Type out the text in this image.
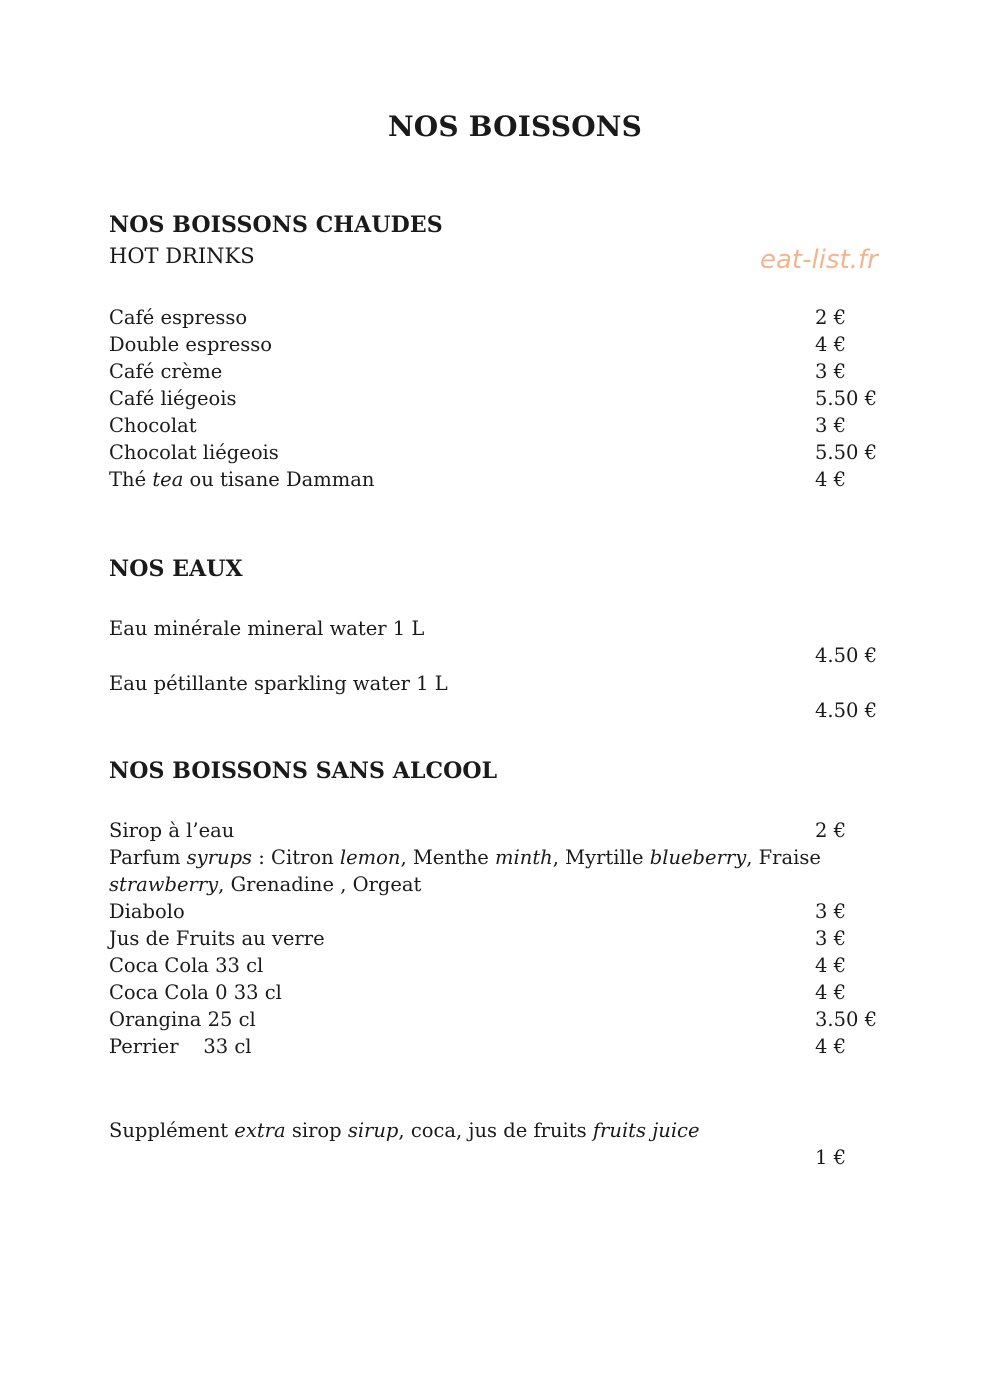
NOS BOISSONS
eat-list.fr
NOS BOISSONS CHAUDES
HOT DRINKS
Café espresso	2 €
Double espresso	4 €
Café crème	3 €
Café liégeois	5.50 €
Chocolat	3 €
Chocolat liégeois	5.50 €
Thé tea ou tisane Damman	4 €
NOS EAUX
Eau minérale mineral water 1 L
4.50 €
Eau pétillante sparkling water 1 L
4.50 €
NOS BOISSONS SANS ALCOOL
Sirop à l’eau	2 €
Parfum syrups : Citron lemon, Menthe minth, Myrtille blueberry, Fraise
strawberry, Grenadine , Orgeat
Diabolo	3 €
Jus de Fruits au verre	3 €
Coca Cola 33 cl	4 €
Coca Cola 0 33 cl	4 €
Orangina 25 cl	3.50 €
Perrier    33 cl	4 €
Supplément extra sirop sirup, coca, jus de fruits fruits juice
1 €
